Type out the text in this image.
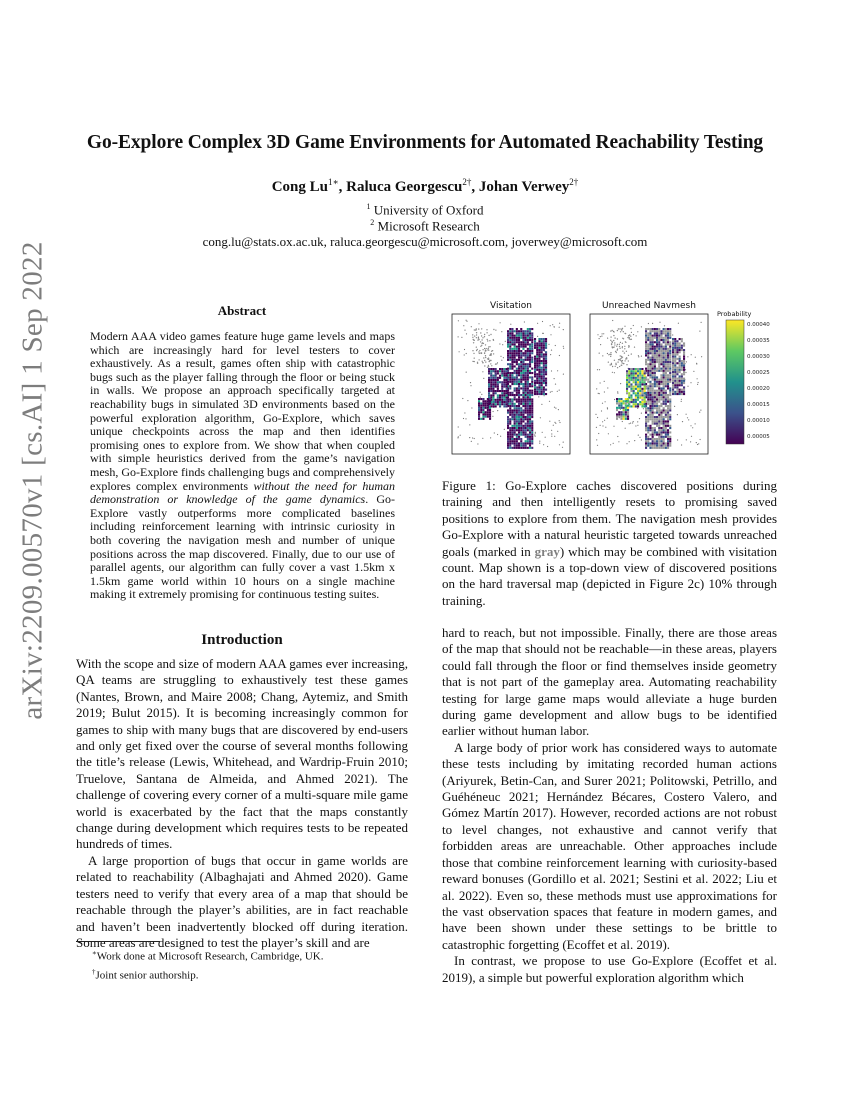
arXiv:2209.00570v1 [cs.AI] 1 Sep 2022
Go-Explore Complex 3D Game Environments for Automated Reachability Testing
Cong $Lu^{1∗}$, Raluca Georgescu$^{2\dagger}$, Johan Verwey$^{2\dagger}$
$^1$ University of Oxford
$^2$ Microsoft Research
cong.lu@stats.ox.ac.uk, raluca.georgescu@microsoft.com, joverwey@microsoft.com
Abstract
Modern AAA video games feature huge game levels and maps which are increasingly hard for level testers to cover exhaustively. As a result, games often ship with catastrophic bugs such as the player falling through the floor or being stuck in walls. We propose an approach specifically targeted at reachability bugs in simulated 3D environments based on the powerful exploration algorithm, Go-Explore, which saves unique checkpoints across the map and then identifies promising ones to explore from. We show that when coupled with simple heuristics derived from the game’s navigation mesh, Go-Explore finds challenging bugs and comprehensively explores complex environments without the need for human demonstration or knowledge of the game dynamics. Go-Explore vastly outperforms more complicated baselines including reinforcement learning with intrinsic curiosity in both covering the navigation mesh and number of unique positions across the map discovered. Finally, due to our use of parallel agents, our algorithm can fully cover a vast 1.5km x 1.5km game world within 10 hours on a single machine making it extremely promising for continuous testing suites.
Introduction

With the scope and size of modern AAA games ever increasing, QA teams are struggling to exhaustively test these games (Nantes, Brown, and Maire 2008; Chang, Aytemiz, and Smith 2019; Bulut 2015). It is becoming increasingly common for games to ship with many bugs that are discovered by end-users and only get fixed over the course of several months following the title’s release (Lewis, Whitehead, and Wardrip-Fruin 2010; Truelove, Santana de Almeida, and Ahmed 2021). The challenge of covering every corner of a multi-square mile game world is exacerbated by the fact that the maps constantly change during development which requires tests to be repeated hundreds of times.

A large proportion of bugs that occur in game worlds are related to reachability (Albaghajati and Ahmed 2020). Game testers need to verify that every area of a map that should be reachable through the player’s abilities, are in fact reachable and haven’t been inadvertently blocked off during iteration. Some areas are designed to test the player’s skill and are

∗Work done at Microsoft Research, Cambridge, UK.
†Joint senior authorship.
Visitation	Unreached Navmesh
Probability
0.00040
0.00035
0.00030
0.00025
0.00020
0.00015
0.00010
0.00005
Figure 1: Go-Explore caches discovered positions during training and then intelligently resets to promising saved positions to explore from them. The navigation mesh provides Go-Explore with a natural heuristic targeted towards unreached goals (marked in gray) which may be combined with visitation count. Map shown is a top-down view of discovered positions on the hard traversal map (depicted in Figure 2c) 10% through training.

hard to reach, but not impossible. Finally, there are those areas of the map that should not be reachable—in these areas, players could fall through the floor or find themselves inside geometry that is not part of the gameplay area. Automating reachability testing for large game maps would alleviate a huge burden during game development and allow bugs to be identified earlier without human labor.

A large body of prior work has considered ways to automate these tests including by imitating recorded human actions (Ariyurek, Betin-Can, and Surer 2021; Politowski, Petrillo, and Guéhéneuc 2021; Hernández Bécares, Costero Valero, and Gómez Martín 2017). However, recorded actions are not robust to level changes, not exhaustive and cannot verify that forbidden areas are unreachable. Other approaches include those that combine reinforcement learning with curiosity-based reward bonuses (Gordillo et al. 2021; Sestini et al. 2022; Liu et al. 2022). Even so, these methods must use approximations for the vast observation spaces that feature in modern games, and have been shown under these settings to be brittle to catastrophic forgetting (Ecoffet et al. 2019).

In contrast, we propose to use Go-Explore (Ecoffet et al. 2019), a simple but powerful exploration algorithm which
